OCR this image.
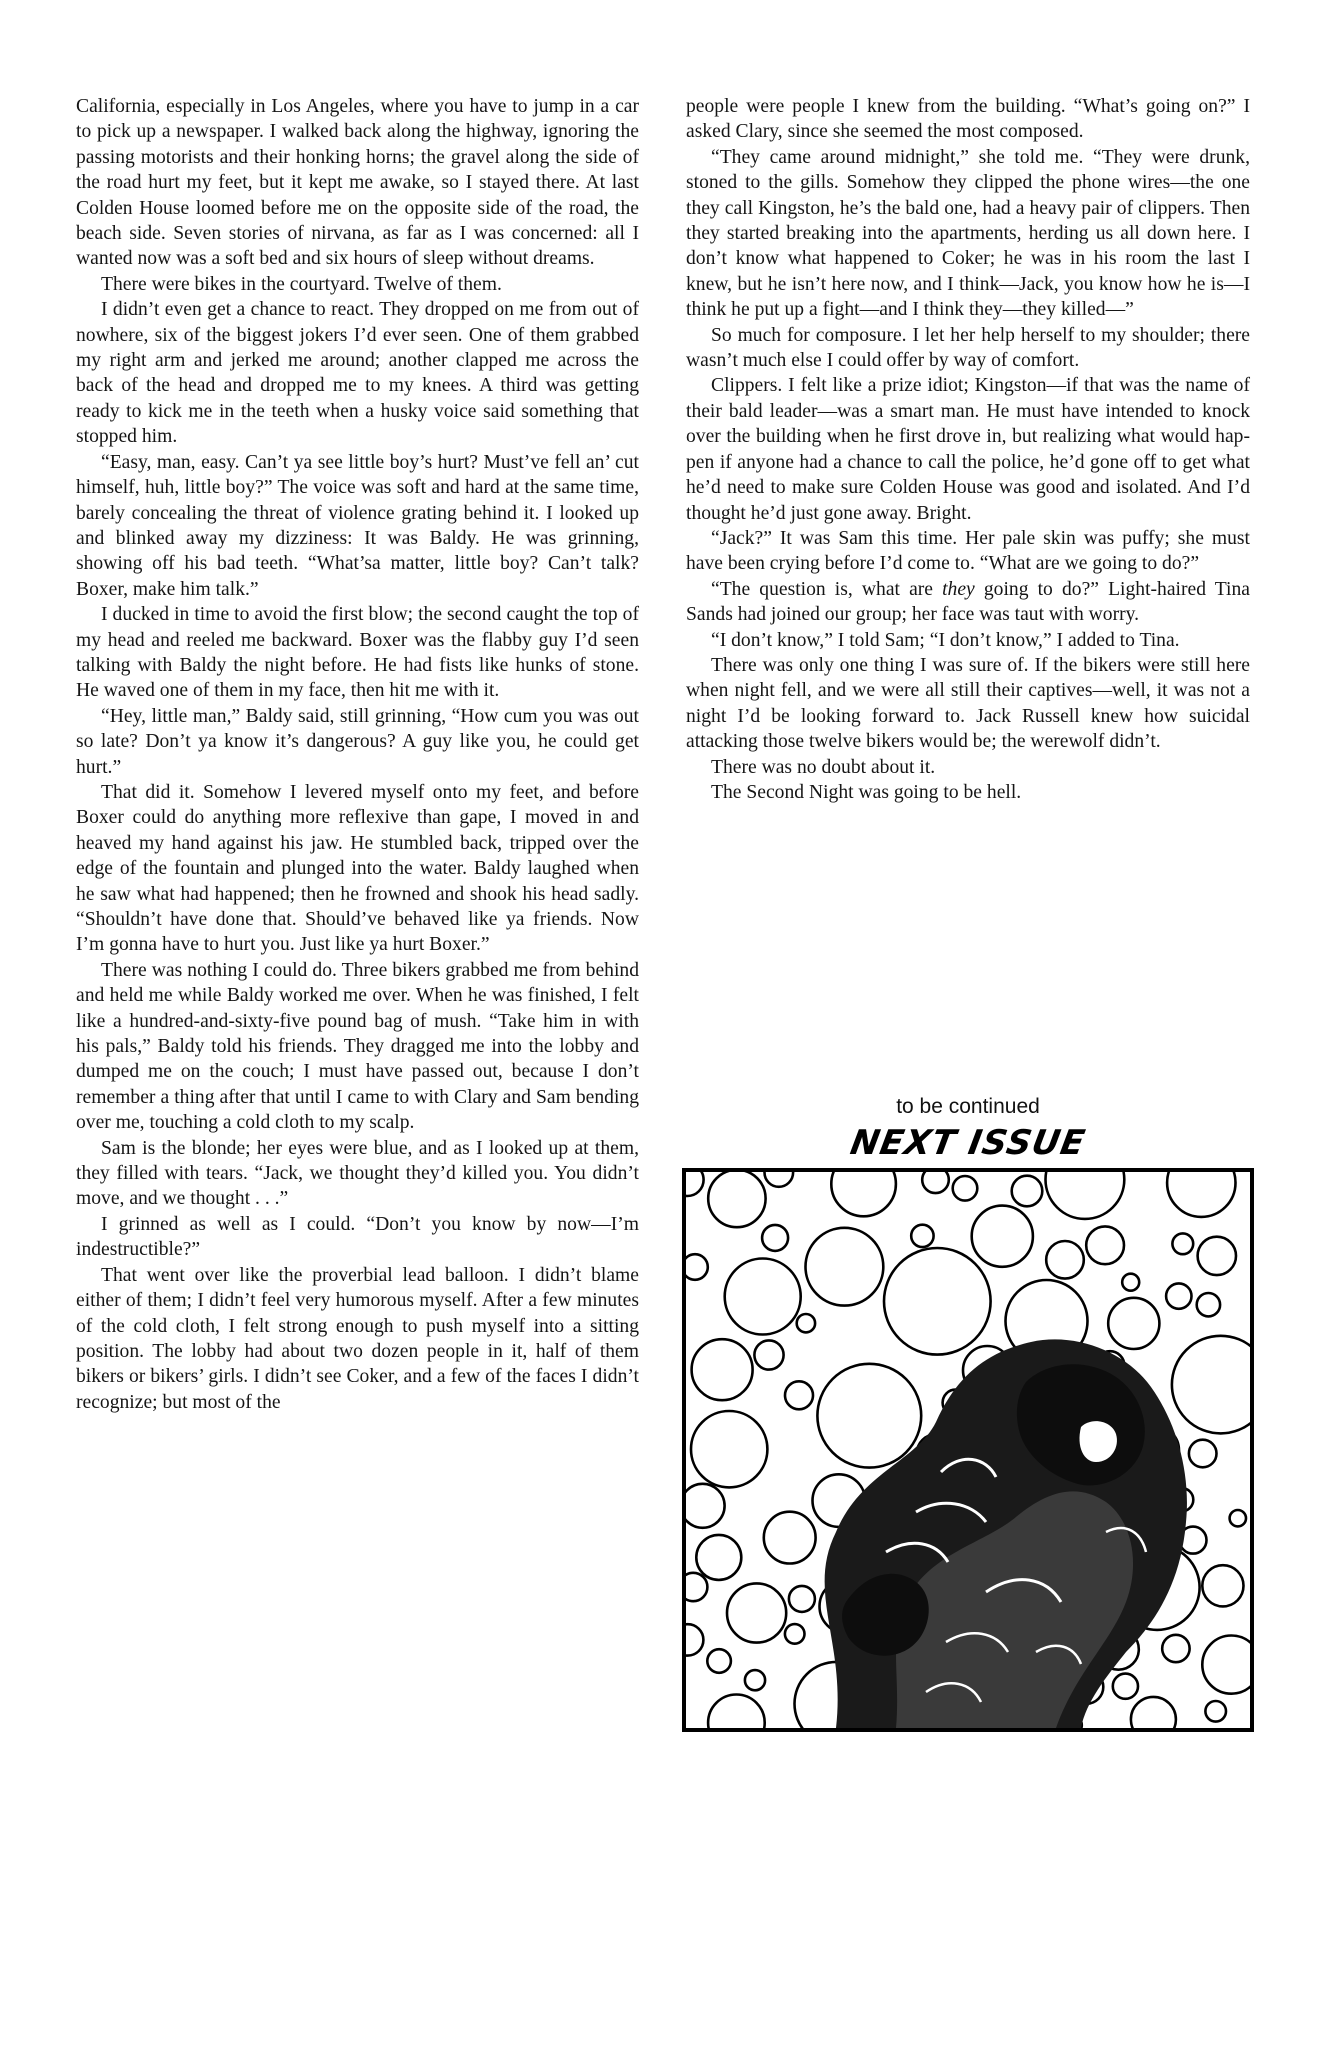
California, especially in Los Angeles, where you have to jump in a car to pick up a newspaper. I walked back along the highway, ignoring the passing motorists and their honking horns; the gravel along the side of the road hurt my feet, but it kept me awake, so I stayed there. At last Colden House loomed before me on the opposite side of the road, the beach side. Seven stories of nirvana, as far as I was concerned: all I wanted now was a soft bed and six hours of sleep without dreams.

There were bikes in the courtyard. Twelve of them.

I didn’t even get a chance to react. They dropped on me from out of nowhere, six of the biggest jokers I’d ever seen. One of them grabbed my right arm and jerked me around; another clapped me across the back of the head and dropped me to my knees. A third was getting ready to kick me in the teeth when a husky voice said something that stopped him.

“Easy, man, easy. Can’t ya see little boy’s hurt? Must’ve fell an’ cut himself, huh, little boy?” The voice was soft and hard at the same time, barely concealing the threat of violence grating behind it. I looked up and blinked away my dizziness: It was Baldy. He was grinning, showing off his bad teeth. “What’sa matter, little boy? Can’t talk? Boxer, make him talk.”

I ducked in time to avoid the first blow; the second caught the top of my head and reeled me backward. Boxer was the flabby guy I’d seen talking with Baldy the night before. He had fists like hunks of stone. He waved one of them in my face, then hit me with it.

“Hey, little man,” Baldy said, still grinning, “How cum you was out so late? Don’t ya know it’s dangerous? A guy like you, he could get hurt.”

That did it. Somehow I levered myself onto my feet, and before Boxer could do anything more reflexive than gape, I moved in and heaved my hand against his jaw. He stumbled back, tripped over the edge of the fountain and plunged into the water. Baldy laughed when he saw what had happened; then he frowned and shook his head sadly. “Shouldn’t have done that. Should’ve behaved like ya friends. Now I’m gonna have to hurt you. Just like ya hurt Boxer.”

There was nothing I could do. Three bikers grabbed me from behind and held me while Baldy worked me over. When he was finished, I felt like a hundred-and-sixty-five pound bag of mush. “Take him in with his pals,” Baldy told his friends. They dragged me into the lobby and dumped me on the couch; I must have passed out, because I don’t remember a thing after that until I came to with Clary and Sam bending over me, touching a cold cloth to my scalp.

Sam is the blonde; her eyes were blue, and as I looked up at them, they filled with tears. “Jack, we thought they’d killed you. You didn’t move, and we thought . . .”

I grinned as well as I could. “Don’t you know by now—I’m indestructible?”

That went over like the proverbial lead balloon. I didn’t blame either of them; I didn’t feel very humorous myself. After a few minutes of the cold cloth, I felt strong enough to push myself into a sitting position. The lobby had about two dozen people in it, half of them bikers or bikers’ girls. I didn’t see Coker, and a few of the faces I didn’t recognize; but most of the

people were people I knew from the building. “What’s going on?” I asked Clary, since she seemed the most composed.

“They came around midnight,” she told me. “They were drunk, stoned to the gills. Somehow they clipped the phone wires—the one they call Kingston, he’s the bald one, had a heavy pair of clippers. Then they started breaking into the apartments, herding us all down here. I don’t know what happened to Coker; he was in his room the last I knew, but he isn’t here now, and I think—Jack, you know how he is—I think he put up a fight—and I think they—they killed—”

So much for composure. I let her help herself to my shoulder; there wasn’t much else I could offer by way of comfort.

Clippers. I felt like a prize idiot; Kingston—if that was the name of their bald leader—was a smart man. He must have intended to knock over the building when he first drove in, but realizing what would happen if anyone had a chance to call the police, he’d gone off to get what he’d need to make sure Colden House was good and isolated. And I’d thought he’d just gone away. Bright.

“Jack?” It was Sam this time. Her pale skin was puffy; she must have been crying before I’d come to. “What are we going to do?”

“The question is, what are they going to do?” Light-haired Tina Sands had joined our group; her face was taut with worry.

“I don’t know,” I told Sam; “I don’t know,” I added to Tina.

There was only one thing I was sure of. If the bikers were still here when night fell, and we were all still their captives—well, it was not a night I’d be looking forward to. Jack Russell knew how suicidal attacking those twelve bikers would be; the werewolf didn’t.

There was no doubt about it.

The Second Night was going to be hell.

to be continued
NEXT ISSUE
